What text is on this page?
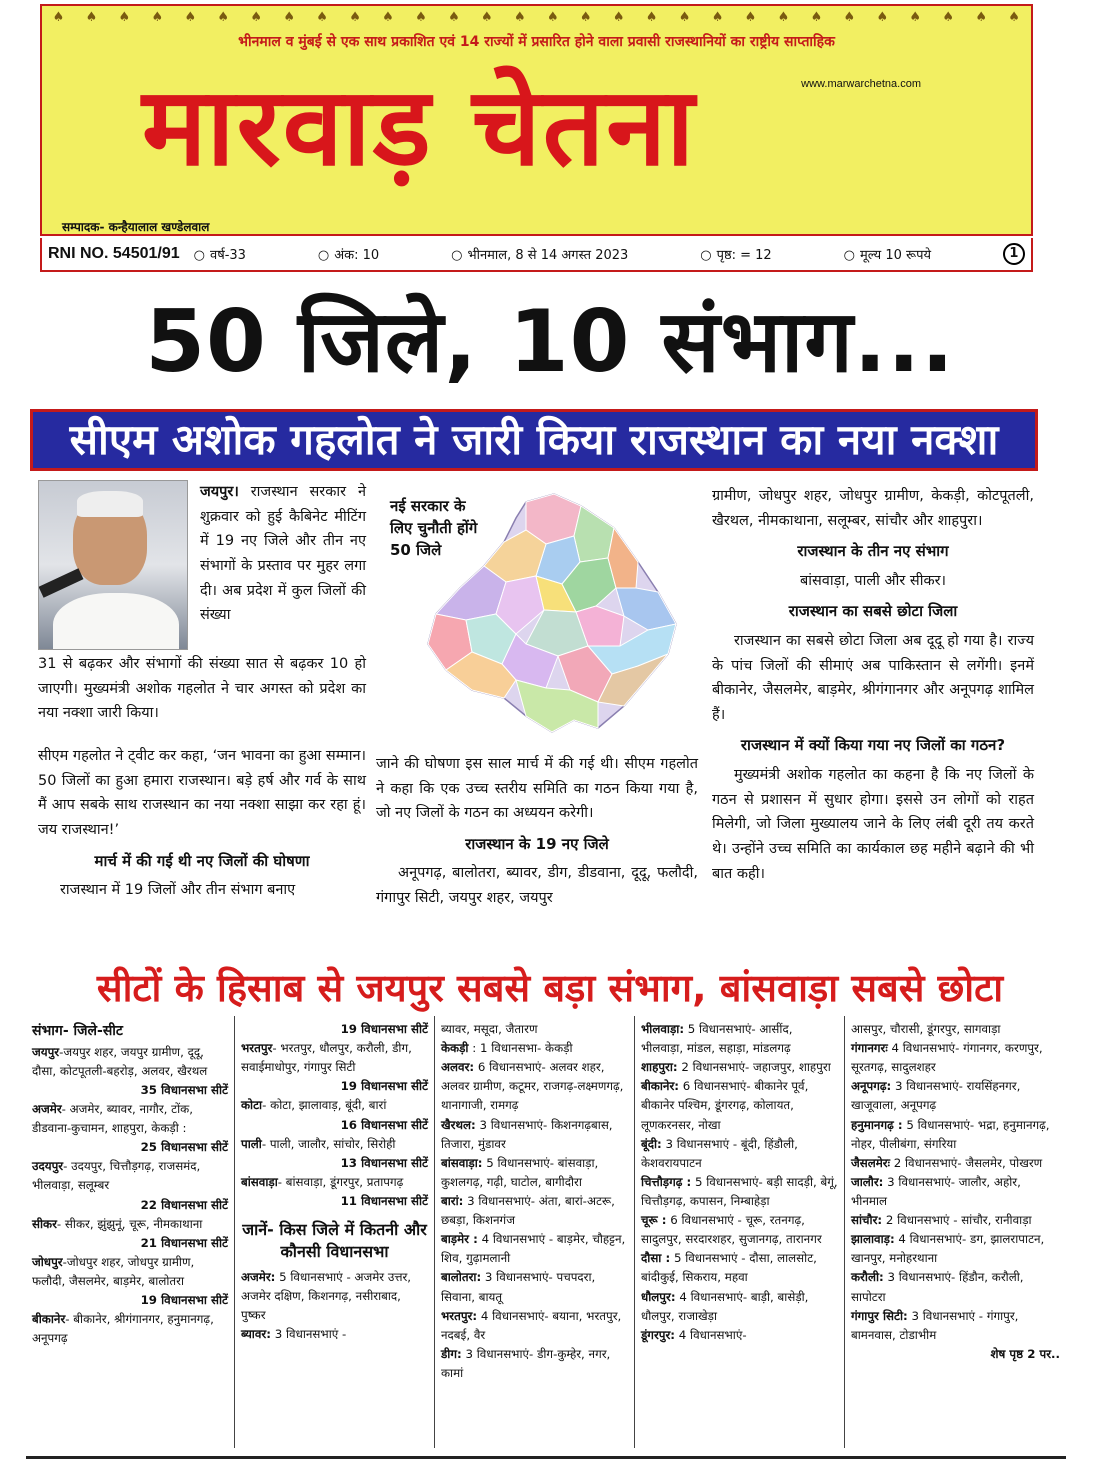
♠ ♠ ♠ ♠ ♠ ♠ ♠ ♠ ♠ ♠ ♠ ♠ ♠ ♠ ♠ ♠ ♠ ♠ ♠ ♠ ♠ ♠ ♠ ♠ ♠ ♠ ♠ ♠ ♠ ♠
भीनमाल व मुंबई से एक साथ प्रकाशित एवं 14 राज्यों में प्रसारित होने वाला प्रवासी राजस्थानियों का राष्ट्रीय साप्ताहिक
www.marwarchetna.com
मारवाड़ चेतना
सम्पादक- कन्हैयालाल खण्डेलवाल
RNI NO. 54501/91	○ वर्ष-33	○ अंक: 10	○ भीनमाल, 8 से 14 अगस्त 2023	○ पृष्ठ: = 12	○ मूल्य 10 रूपये	1
50 जिले, 10 संभाग...
सीएम अशोक गहलोत ने जारी किया राजस्थान का नया नक्शा

जयपुर। राजस्थान सरकार ने शुक्रवार को हुई कैबिनेट मीटिंग में 19 नए जिले और तीन नए संभागों के प्रस्ताव पर मुहर लगा दी। अब प्रदेश में कुल जिलों की संख्या

31 से बढ़कर और संभागों की संख्या सात से बढ़कर 10 हो जाएगी। मुख्यमंत्री अशोक गहलोत ने चार अगस्त को प्रदेश का नया नक्शा जारी किया।

सीएम गहलोत ने ट्वीट कर कहा, ‘जन भावना का हुआ सम्मान। 50 जिलों का हुआ हमारा राजस्थान। बड़े हर्ष और गर्व के साथ मैं आप सबके साथ राजस्थान का नया नक्शा साझा कर रहा हूं। जय राजस्थान!’

मार्च में की गई थी नए जिलों की घोषणा

राजस्थान में 19 जिलों और तीन संभाग बनाए

नई सरकार के
लिए चुनौती होंगे
50 जिले

जाने की घोषणा इस साल मार्च में की गई थी। सीएम गहलोत ने कहा कि एक उच्च स्तरीय समिति का गठन किया गया है, जो नए जिलों के गठन का अध्ययन करेगी।

राजस्थान के 19 नए जिले

अनूपगढ़, बालोतरा, ब्यावर, डीग, डीडवाना, दूदू, फलौदी, गंगापुर सिटी, जयपुर शहर, जयपुर

ग्रामीण, जोधपुर शहर, जोधपुर ग्रामीण, केकड़ी, कोटपूतली, खैरथल, नीमकाथाना, सलूम्बर, सांचौर और शाहपुरा।

राजस्थान के तीन नए संभाग

बांसवाड़ा, पाली और सीकर।

राजस्थान का सबसे छोटा जिला

राजस्थान का सबसे छोटा जिला अब दूदू हो गया है। राज्य के पांच जिलों की सीमाएं अब पाकिस्तान से लगेंगी। इनमें बीकानेर, जैसलमेर, बाड़मेर, श्रीगंगानगर और अनूपगढ़ शामिल हैं।

राजस्थान में क्यों किया गया नए जिलों का गठन?

मुख्यमंत्री अशोक गहलोत का कहना है कि नए जिलों के गठन से प्रशासन में सुधार होगा। इससे उन लोगों को राहत मिलेगी, जो जिला मुख्यालय जाने के लिए लंबी दूरी तय करते थे। उन्होंने उच्च समिति का कार्यकाल छह महीने बढ़ाने की भी बात कही।

सीटों के हिसाब से जयपुर सबसे बड़ा संभाग, बांसवाड़ा सबसे छोटा
संभाग- जिले-सीट
जयपुर-जयपुर शहर, जयपुर ग्रामीण, दूदू, दौसा, कोटपूतली-बहरोड़, अलवर, खैरथल
35 विधानसभा सीटें
अजमेर- अजमेर, ब्यावर, नागौर, टोंक, डीडवाना-कुचामन, शाहपुरा, केकड़ी :
25 विधानसभा सीटें
उदयपुर- उदयपुर, चित्तौड़गढ़, राजसमंद, भीलवाड़ा, सलूम्बर
22 विधानसभा सीटें
सीकर- सीकर, झुंझुनूं, चूरू, नीमकाथाना
21 विधानसभा सीटें
जोधपुर-जोधपुर शहर, जोधपुर ग्रामीण, फलौदी, जैसलमेर, बाड़मेर, बालोतरा
19 विधानसभा सीटें
बीकानेर- बीकानेर, श्रीगंगानगर, हनुमानगढ़, अनूपगढ़
19 विधानसभा सीटें
भरतपुर- भरतपुर, धौलपुर, करौली, डीग, सवाईमाधोपुर, गंगापुर सिटी
19 विधानसभा सीटें
कोटा- कोटा, झालावाड़, बूंदी, बारां
16 विधानसभा सीटें
पाली- पाली, जालौर, सांचोर, सिरोही
13 विधानसभा सीटें
बांसवाड़ा- बांसवाड़ा, डूंगरपुर, प्रतापगढ़
11 विधानसभा सीटें
जानें- किस जिले में कितनी और कौनसी विधानसभा
अजमेर: 5 विधानसभाएं - अजमेर उत्तर, अजमेर दक्षिण, किशनगढ़, नसीराबाद, पुष्कर
ब्यावर: 3 विधानसभाएं -
ब्यावर, मसूदा, जैतारण
केकड़ी : 1 विधानसभा- केकड़ी
अलवर: 6 विधानसभाएं- अलवर शहर, अलवर ग्रामीण, कटूमर, राजगढ़-लक्ष्मणगढ़, थानागाजी, रामगढ़
खैरथल: 3 विधानसभाएं- किशनगढ़बास, तिजारा, मुंडावर
बांसवाड़ा: 5 विधानसभाएं- बांसवाड़ा, कुशलगढ़, गढ़ी, घाटोल, बागीदौरा
बारां: 3 विधानसभाएं- अंता, बारां-अटरू, छबड़ा, किशनगंज
बाड़मेर : 4 विधानसभाएं - बाड़मेर, चौहट्टन, शिव, गुढ़ामलानी
बालोतरा: 3 विधानसभाएं- पचपदरा, सिवाना, बायतू
भरतपुर: 4 विधानसभाएं- बयाना, भरतपुर, नदबई, वैर
डीग: 3 विधानसभाएं- डीग-कुम्हेर, नगर, कामां
भीलवाड़ा: 5 विधानसभाएं- आसींद, भीलवाड़ा, मांडल, सहाड़ा, मांडलगढ़
शाहपुरा: 2 विधानसभाएं- जहाजपुर, शाहपुरा
बीकानेर: 6 विधानसभाएं- बीकानेर पूर्व, बीकानेर पश्चिम, डूंगरगढ़, कोलायत, लूणकरनसर, नोखा
बूंदी: 3 विधानसभाएं - बूंदी, हिंडौली, केशवरायपाटन
चित्तौड़गढ़ : 5 विधानसभाएं- बड़ी सादड़ी, बेगूं, चित्तौड़गढ़, कपासन, निम्बाहेड़ा
चूरू : 6 विधानसभाएं - चूरू, रतनगढ़, सादुलपुर, सरदारशहर, सुजानगढ़, तारानगर
दौसा : 5 विधानसभाएं - दौसा, लालसोट, बांदीकुई, सिकराय, महवा
धौलपुर: 4 विधानसभाएं- बाड़ी, बासेड़ी, धौलपुर, राजाखेड़ा
डूंगरपुर: 4 विधानसभाएं-
आसपुर, चौरासी, डूंगरपुर, सागवाड़ा
गंगानगरः 4 विधानसभाएं- गंगानगर, करणपुर, सूरतगढ़, सादुलशहर
अनूपगढ़: 3 विधानसभाएं- रायसिंहनगर, खाजूवाला, अनूपगढ़
हनुमानगढ़ : 5 विधानसभाएं- भद्रा, हनुमानगढ़, नोहर, पीलीबंगा, संगरिया
जैसलमेरः 2 विधानसभाएं- जैसलमेर, पोखरण
जालौर: 3 विधानसभाएं- जालौर, अहोर, भीनमाल
सांचौर: 2 विधानसभाएं - सांचौर, रानीवाड़ा
झालावाड़: 4 विधानसभाएं- डग, झालरापाटन, खानपुर, मनोहरथाना
करौली: 3 विधानसभाएं- हिंडौन, करौली, सापोटरा
गंगापुर सिटी: 3 विधानसभाएं - गंगापुर, बामनवास, टोडाभीम
शेष पृष्ठ 2 पर..
